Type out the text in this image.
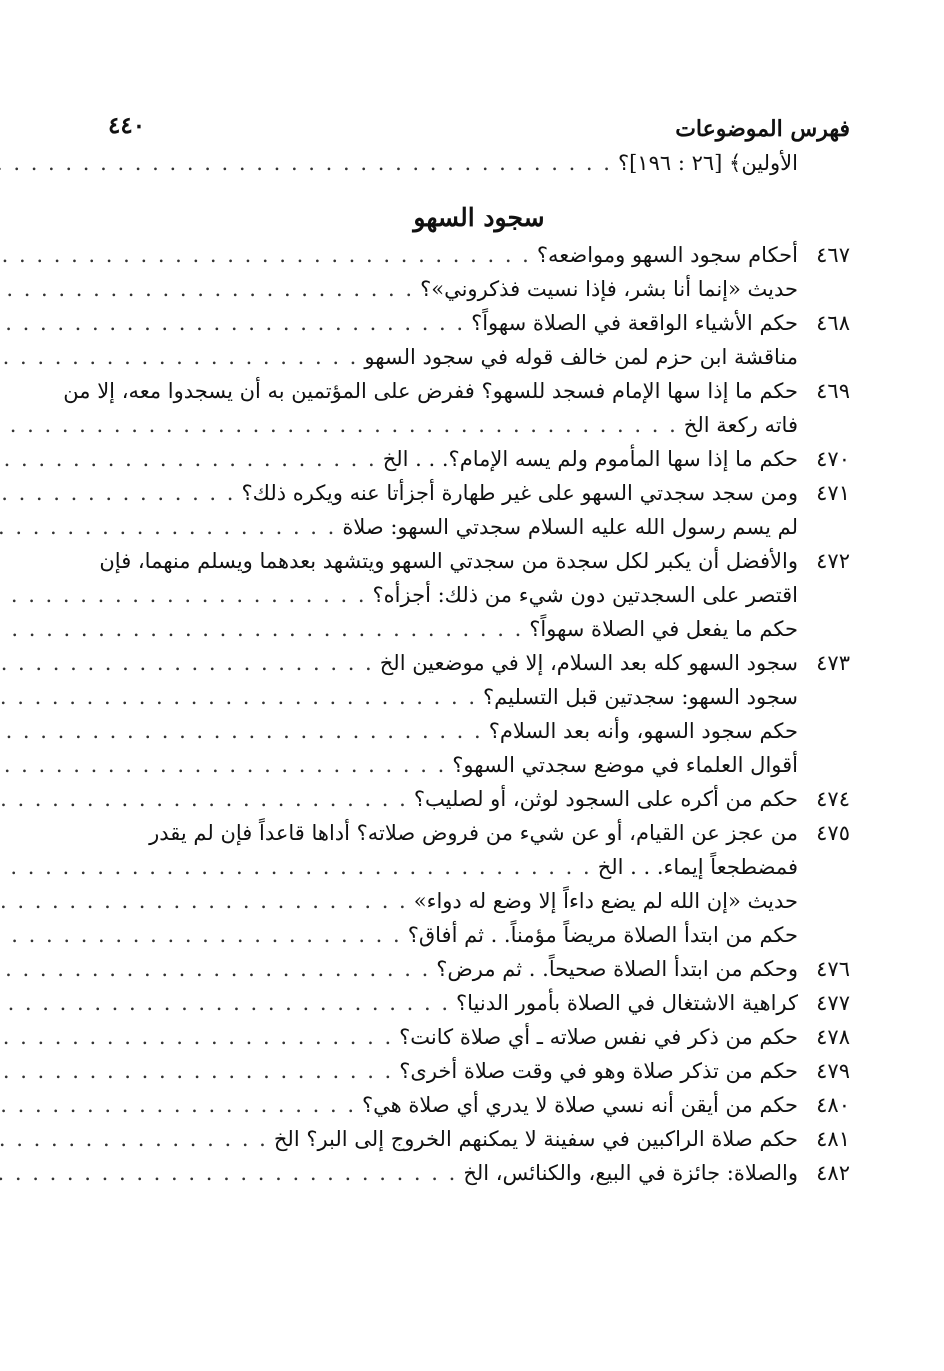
فهرس الموضوعات
٤٤٠
الأولين﴾ [٢٦ : ١٩٦]؟
. . .
سجود السهو
٤٦٧
أحكام سجود السهو ومواضعه؟
. . .
حديث «إنما أنا بشر، فإذا نسيت فذكروني»؟
. . .
٤٦٨
حكم الأشياء الواقعة في الصلاة سهواً؟
. . .
مناقشة ابن حزم لمن خالف قوله في سجود السهو
. . .
٤٦٩
حكم ما إذا سها الإمام فسجد للسهو؟ ففرض على المؤتمين به أن يسجدوا معه، إلا من
فاته ركعة الخ
. . .
٤٧٠
حكم ما إذا سها المأموم ولم يسه الإمام؟. . . الخ
. . .
٤٧١
ومن سجد سجدتي السهو على غير طهارة أجزأتا عنه ويكره ذلك؟
. . .
لم يسم رسول الله عليه السلام سجدتي السهو: صلاة
. . .
٤٧٢
والأفضل أن يكبر لكل سجدة من سجدتي السهو ويتشهد بعدهما ويسلم منهما، فإن
اقتصر على السجدتين دون شيء من ذلك: أجزأه؟
. . .
حكم ما يفعل في الصلاة سهواً؟
. . .
٤٧٣
سجود السهو كله بعد السلام، إلا في موضعين الخ
. . .
سجود السهو: سجدتين قبل التسليم؟
. . .
حكم سجود السهو، وأنه بعد السلام؟
. . .
أقوال العلماء في موضع سجدتي السهو؟
. . .
٤٧٤
حكم من أكره على السجود لوثن، أو لصليب؟
. . .
٤٧٥
من عجز عن القيام، أو عن شيء من فروض صلاته؟ أداها قاعداً فإن لم يقدر
فمضطجعاً إيماء. . . الخ
. . .
حديث «إن الله لم يضع داءاً إلا وضع له دواء»
. . .
حكم من ابتدأ الصلاة مريضاً مؤمناً. . ثم أفاق؟
. . .
٤٧٦
وحكم من ابتدأ الصلاة صحيحاً. . ثم مرض؟
. . .
٤٧٧
كراهية الاشتغال في الصلاة بأمور الدنيا؟
. . .
٤٧٨
حكم من ذكر في نفس صلاته ـ أي صلاة كانت؟
. . .
٤٧٩
حكم من تذكر صلاة وهو في وقت صلاة أخرى؟
. . .
٤٨٠
حكم من أيقن أنه نسي صلاة لا يدري أي صلاة هي؟
. . .
٤٨١
حكم صلاة الراكبين في سفينة لا يمكنهم الخروج إلى البر؟ الخ
. . .
٤٨٢
والصلاة: جائزة في البيع، والكنائس، الخ
. . .
